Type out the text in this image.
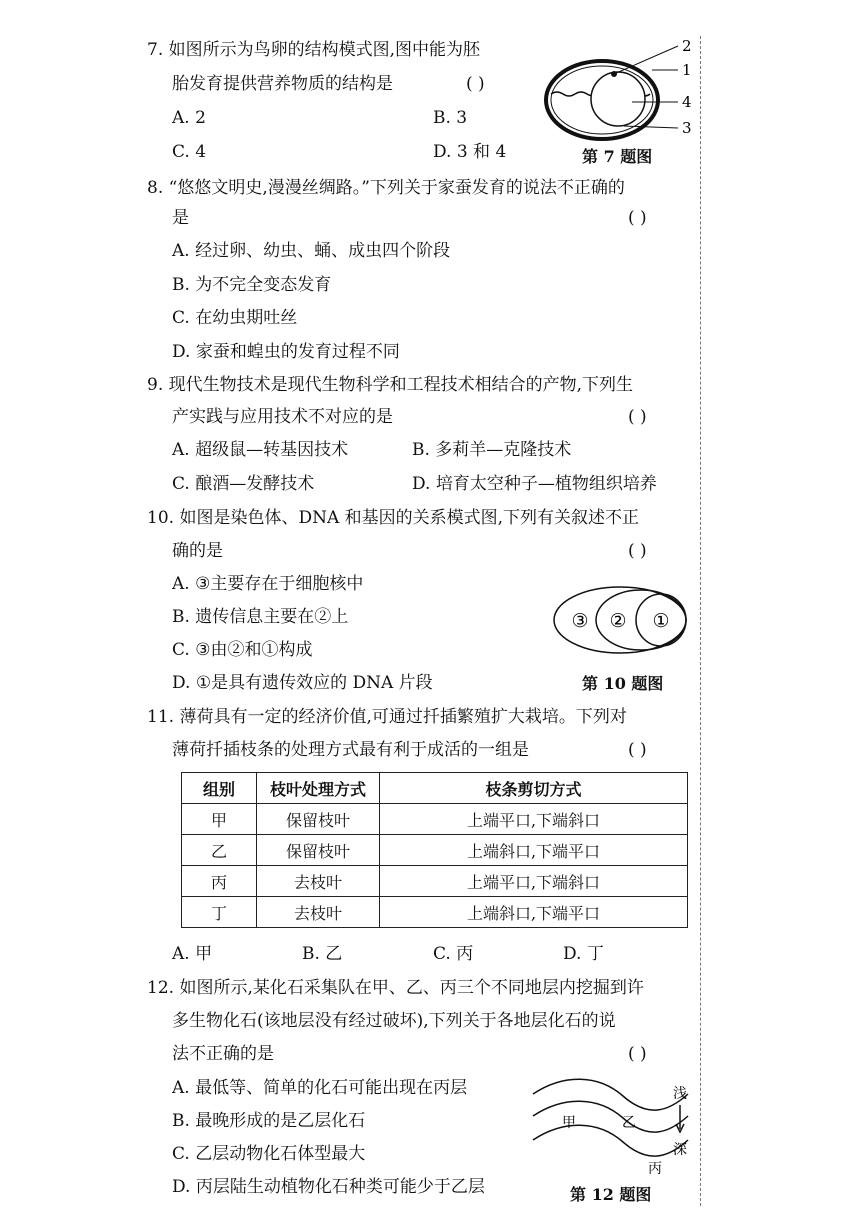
7. 如图所示为鸟卵的结构模式图,图中能为胚
胎发育提供营养物质的结构是	( )
A. 2	B. 3
C. 4	D. 3 和 4
2
1
4
3
第 7 题图
8. “悠悠文明史,漫漫丝绸路。”下列关于家蚕发育的说法不正确的
是	( )
A. 经过卵、幼虫、蛹、成虫四个阶段
B. 为不完全变态发育
C. 在幼虫期吐丝
D. 家蚕和蝗虫的发育过程不同
9. 现代生物技术是现代生物科学和工程技术相结合的产物,下列生
产实践与应用技术不对应的是	( )
A. 超级鼠—转基因技术	B. 多莉羊—克隆技术
C. 酿酒—发酵技术	D. 培育太空种子—植物组织培养
10. 如图是染色体、DNA 和基因的关系模式图,下列有关叙述不正
确的是	( )
A. ③主要存在于细胞核中
B. 遗传信息主要在②上
C. ③由②和①构成
D. ①是具有遗传效应的 DNA 片段
③ ② ①
第 10 题图
11. 薄荷具有一定的经济价值,可通过扦插繁殖扩大栽培。下列对
薄荷扦插枝条的处理方式最有利于成活的一组是	( )
组别	枝叶处理方式	枝条剪切方式
甲	保留枝叶	上端平口,下端斜口
乙	保留枝叶	上端斜口,下端平口
丙	去枝叶	上端平口,下端斜口
丁	去枝叶	上端斜口,下端平口
A. 甲	B. 乙	C. 丙	D. 丁
12. 如图所示,某化石采集队在甲、乙、丙三个不同地层内挖掘到许
多生物化石(该地层没有经过破坏),下列关于各地层化石的说
法不正确的是	( )
A. 最低等、简单的化石可能出现在丙层
B. 最晚形成的是乙层化石
C. 乙层动物化石体型最大
D. 丙层陆生动植物化石种类可能少于乙层
甲	乙
丙
浅
深
第 12 题图
